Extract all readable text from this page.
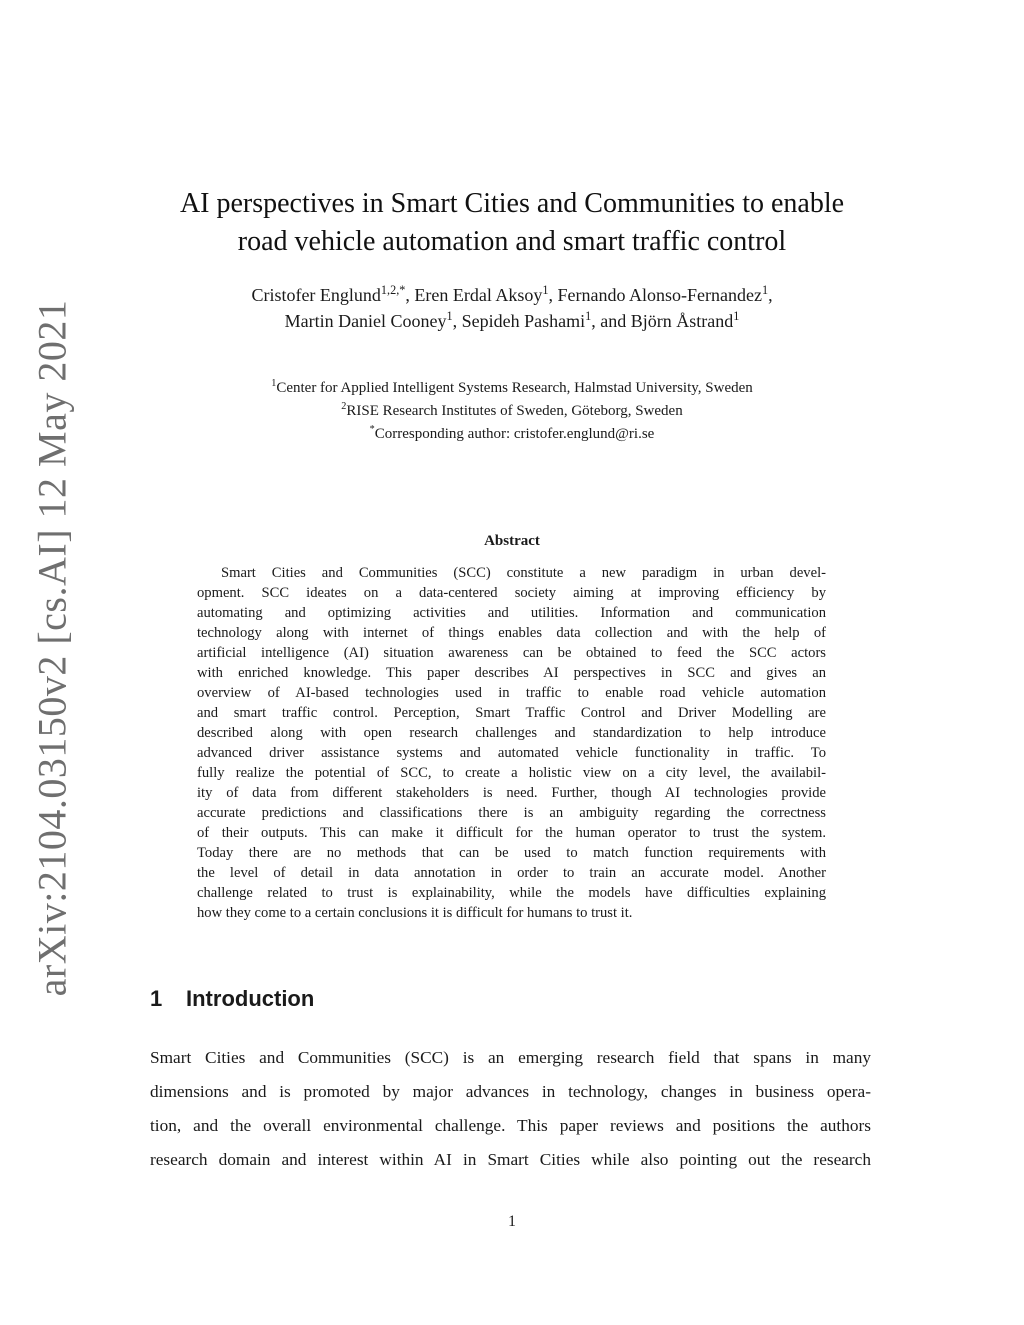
arXiv:2104.03150v2 [cs.AI] 12 May 2021
AI perspectives in Smart Cities and Communities to enable
road vehicle automation and smart traffic control
Cristofer Englund$^{1,2,*}$, Eren Erdal Aksoy$^1$, Fernando Alonso-Fernandez$^1$,
Martin Daniel Cooney$^1$, Sepideh Pashami$^1$, and Björn Åstrand$^1$
$^1$Center for Applied Intelligent Systems Research, Halmstad University, Sweden
$^2$RISE Research Institutes of Sweden, Göteborg, Sweden
*Corresponding author: cristofer.englund@ri.se
Abstract
Smart Cities and Communities (SCC) constitute a new paradigm in urban devel-
opment. SCC ideates on a data-centered society aiming at improving efficiency by
automating and optimizing activities and utilities. Information and communication
technology along with internet of things enables data collection and with the help of
artificial intelligence (AI) situation awareness can be obtained to feed the SCC actors
with enriched knowledge. This paper describes AI perspectives in SCC and gives an
overview of AI-based technologies used in traffic to enable road vehicle automation
and smart traffic control. Perception, Smart Traffic Control and Driver Modelling are
described along with open research challenges and standardization to help introduce
advanced driver assistance systems and automated vehicle functionality in traffic. To
fully realize the potential of SCC, to create a holistic view on a city level, the availabil-
ity of data from different stakeholders is need. Further, though AI technologies provide
accurate predictions and classifications there is an ambiguity regarding the correctness
of their outputs. This can make it difficult for the human operator to trust the system.
Today there are no methods that can be used to match function requirements with
the level of detail in data annotation in order to train an accurate model. Another
challenge related to trust is explainability, while the models have difficulties explaining
how they come to a certain conclusions it is difficult for humans to trust it.
1 Introduction
Smart Cities and Communities (SCC) is an emerging research field that spans in many
dimensions and is promoted by major advances in technology, changes in business opera-
tion, and the overall environmental challenge. This paper reviews and positions the authors
research domain and interest within AI in Smart Cities while also pointing out the research
1
